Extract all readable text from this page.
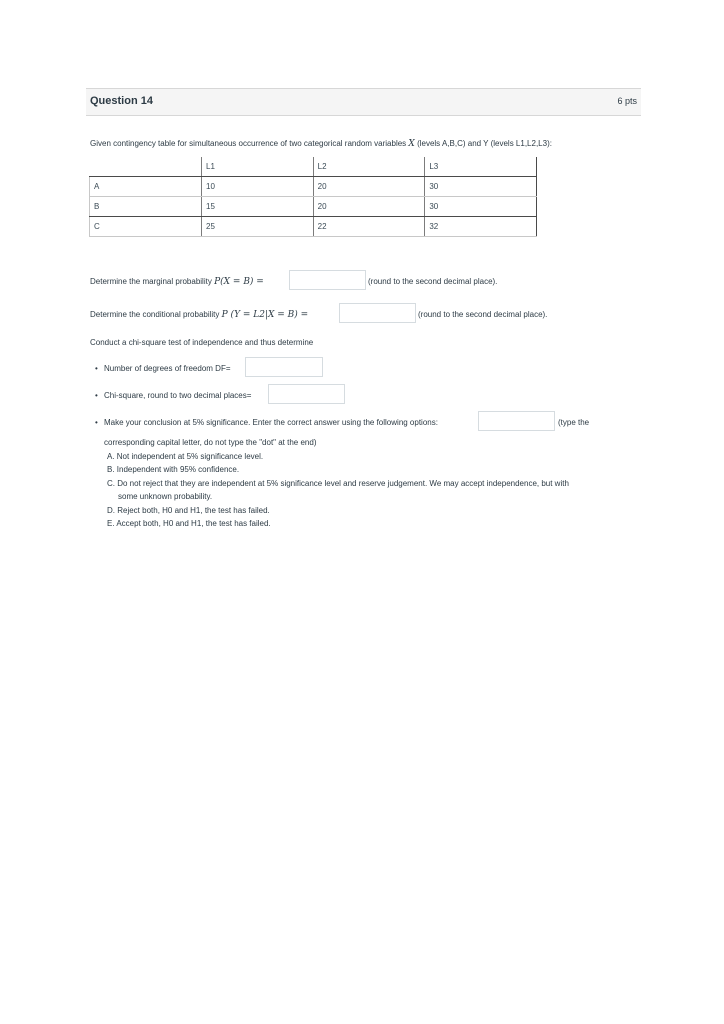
Question 14	6 pts
Given contingency table for simultaneous occurrence of two categorical random variables X (levels A,B,C) and Y (levels L1,L2,L3):
	L1	L2	L3
A	10	20	30
B	15	20	30
C	25	22	32
Determine the marginal probability P(X = B) =	(round to the second decimal place).
Determine the conditional probability P (Y = L2|X = B) =	(round to the second decimal place).
Conduct a chi-square test of independence and thus determine
• Number of degrees of freedom DF=
• Chi-square, round to two decimal places=
• Make your conclusion at 5% significance. Enter the correct answer using the following options:	(type the
corresponding capital letter, do not type the "dot" at the end)
A. Not independent at 5% significance level.
B. Independent with 95% confidence.
C. Do not reject that they are independent at 5% significance level and reserve judgement. We may accept independence, but with
some unknown probability.
D. Reject both, H0 and H1, the test has failed.
E. Accept both, H0 and H1, the test has failed.
